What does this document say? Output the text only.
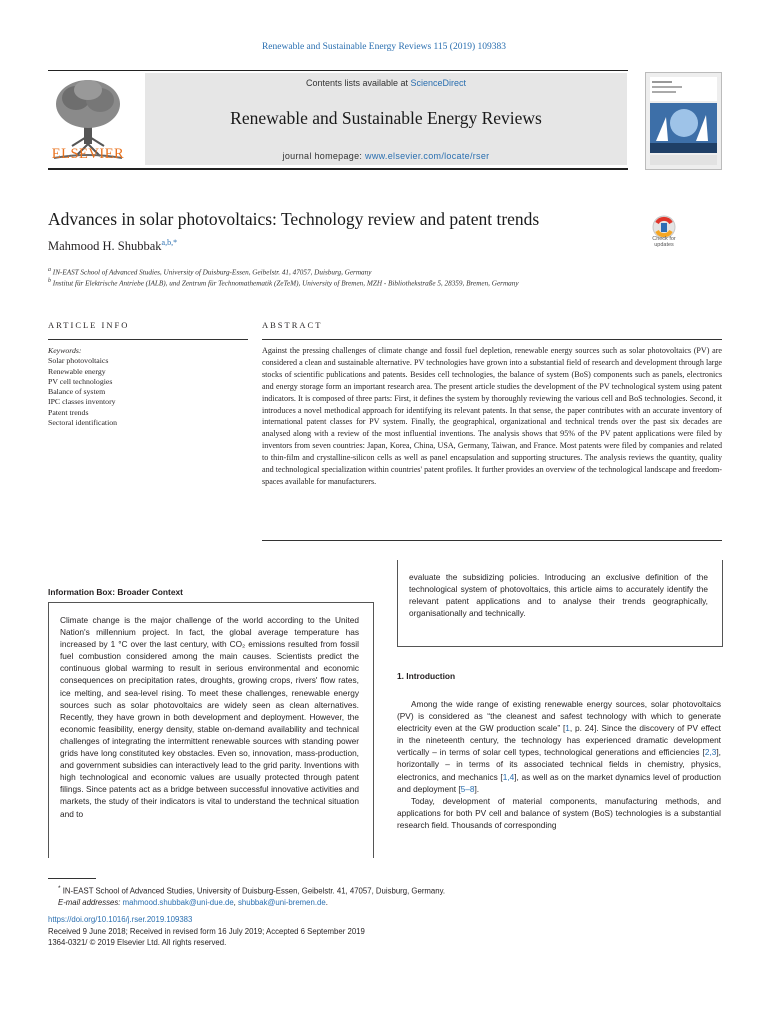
Renewable and Sustainable Energy Reviews 115 (2019) 109383
ELSEVIER
Contents lists available at ScienceDirect
Renewable and Sustainable Energy Reviews
journal homepage: www.elsevier.com/locate/rser
Advances in solar photovoltaics: Technology review and patent trends
Mahmood H. Shubbak$^{a,b,*}$	Check for updates
$^a$ IN-EAST School of Advanced Studies, University of Duisburg-Essen, Geibelstr. 41, 47057, Duisburg, Germany
$^b$ Institut für Elektrische Antriebe (IALB), und Zentrum für Technomathematik (ZeTeM), University of Bremen, MZH - Bibliothekstraße 5, 28359, Bremen, Germany
ARTICLE INFO	ABSTRACT
Keywords:
Solar photovoltaics
Renewable energy
PV cell technologies
Balance of system
IPC classes inventory
Patent trends
Sectoral identification
Against the pressing challenges of climate change and fossil fuel depletion, renewable energy sources such as solar photovoltaics (PV) are considered a clean and sustainable alternative. PV technologies have grown into a substantial field of research and development through large stocks of scientific publications and patents. Besides cell technologies, the balance of system (BoS) components such as panels, electronics and energy storage form an important research area. The present article studies the development of the PV technological system using patent indicators. It is composed of three parts: First, it defines the system by thoroughly reviewing the various cell and BoS technologies. Second, it introduces a novel methodical approach for identifying its relevant patents. In that sense, the paper contributes with an accurate inventory of international patent classes for PV system. Finally, the geographical, organizational and technical trends over the past six decades are analysed along with a review of the most influential inventions. The analysis shows that 95% of the PV patent applications were filed by inventors from seven countries: Japan, Korea, China, USA, Germany, Taiwan, and France. Most patents were filed by companies and related to thin-film and crystalline-silicon cells as well as panel encapsulation and supporting structures. The analysis reviews the quantity, quality and technological specialization within countries' patent profiles. It further provides an overview of the technological landscape and freedom-spaces available for manufacturers.
Information Box: Broader Context
Climate change is the major challenge of the world according to the United Nation's millennium project. In fact, the global average temperature has increased by 1 °C over the last century, with CO₂ emissions resulted from fossil fuel combustion considered among the main causes. Scientists predict the continuous global warming to result in serious environmental and economic consequences on precipitation rates, droughts, growing crops, rivers' flow rates, ice melting, and sea-level rising. To meet these challenges, renewable energy sources such as solar photovoltaics are widely seen as clean alternatives. Recently, they have grown in both development and deployment. However, the economic feasibility, energy density, stable on-demand availability and technical challenges of integrating the intermittent renewable sources with standing power grids have long constituted key obstacles. Even so, innovation, mass-production, and government subsidies can interactively lead to the grid parity. Inventions with high technological and economic values are usually protected through patent filings. Since patents act as a bridge between successful innovative activities and markets, the study of their indicators is vital to understand the technical situation and to
evaluate the subsidizing policies. Introducing an exclusive definition of the technological system of photovoltaics, this article aims to accurately identify the relevant patent applications and to analyse their trends geographically, organisationally and technically.
1. Introduction

Among the wide range of existing renewable energy sources, solar photovoltaics (PV) is considered as “the cleanest and safest technology with which to generate electricity even at the GW production scale” [1, p. 24]. Since the discovery of PV effect in the nineteenth century, the technology has experienced dramatic development vertically – in terms of solar cell types, technological generations and efficiencies [2,3], horizontally – in terms of its associated technical fields in chemistry, physics, electronics, and mechanics [1,4], as well as on the market dynamics level of production and deployment [5–8].

Today, development of material components, manufacturing methods, and applications for both PV cell and balance of system (BoS) technologies is a substantial research field. Thousands of corresponding

* IN-EAST School of Advanced Studies, University of Duisburg-Essen, Geibelstr. 41, 47057, Duisburg, Germany.
E-mail addresses: mahmood.shubbak@uni-due.de, shubbak@uni-bremen.de.
https://doi.org/10.1016/j.rser.2019.109383
Received 9 June 2018; Received in revised form 16 July 2019; Accepted 6 September 2019
1364-0321/ © 2019 Elsevier Ltd. All rights reserved.
